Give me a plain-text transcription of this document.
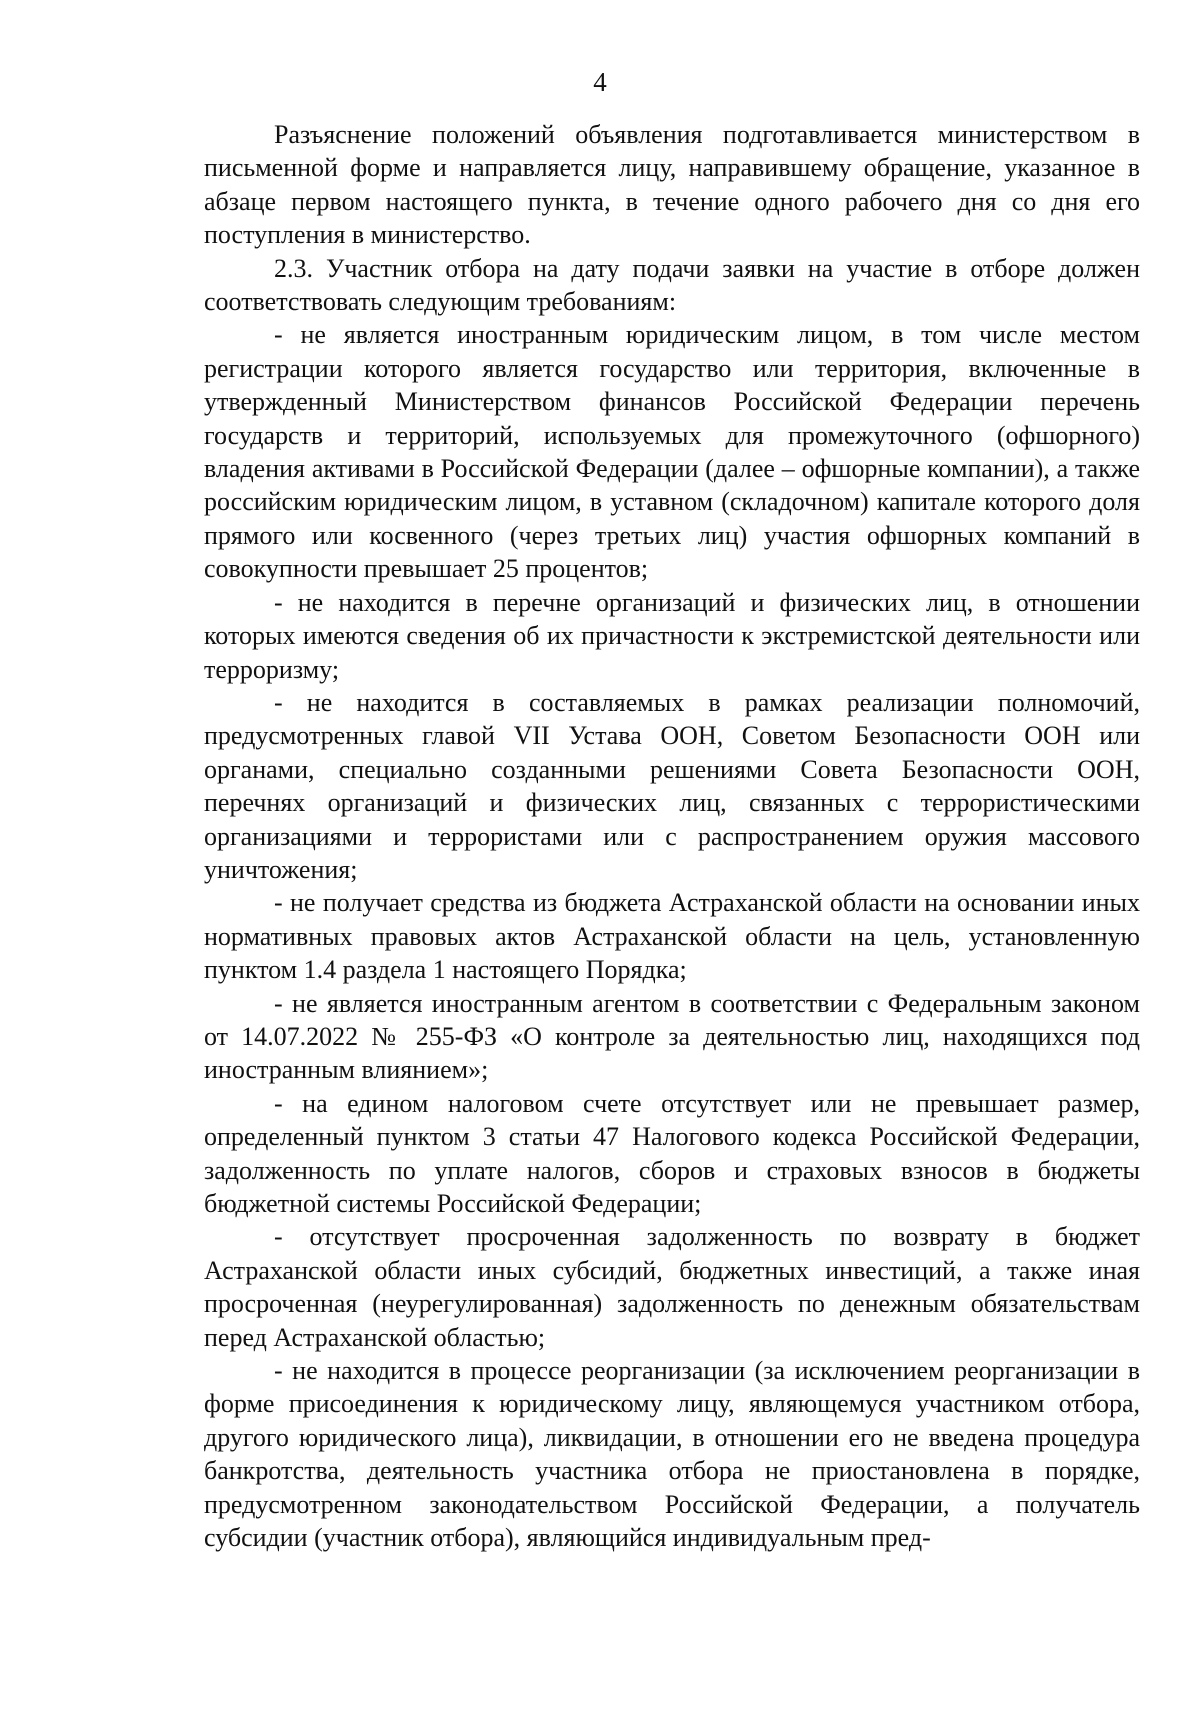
4

Разъяснение положений объявления подготавливается министерством в письменной форме и направляется лицу, направившему обращение, указанное в абзаце первом настоящего пункта, в течение одного рабочего дня со дня его поступления в министерство.

2.3. Участник отбора на дату подачи заявки на участие в отборе должен соответствовать следующим требованиям:

- не является иностранным юридическим лицом, в том числе местом регистрации которого является государство или территория, включенные в утвержденный Министерством финансов Российской Федерации перечень государств и территорий, используемых для промежуточного (офшорного) владения активами в Российской Федерации (далее – офшорные компании), а также российским юридическим лицом, в уставном (складочном) капитале которого доля прямого или косвенного (через третьих лиц) участия офшорных компаний в совокупности превышает 25 процентов;

- не находится в перечне организаций и физических лиц, в отношении которых имеются сведения об их причастности к экстремистской деятельности или терроризму;

- не находится в составляемых в рамках реализации полномочий, предусмотренных главой VII Устава ООН, Советом Безопасности ООН или органами, специально созданными решениями Совета Безопасности ООН, перечнях организаций и физических лиц, связанных с террористическими организациями и террористами или с распространением оружия массового уничтожения;

- не получает средства из бюджета Астраханской области на основании иных нормативных правовых актов Астраханской области на цель, установленную пунктом 1.4 раздела 1 настоящего Порядка;

- не является иностранным агентом в соответствии с Федеральным законом от 14.07.2022 № 255-ФЗ «О контроле за деятельностью лиц, находящихся под иностранным влиянием»;

- на едином налоговом счете отсутствует или не превышает размер, определенный пунктом 3 статьи 47 Налогового кодекса Российской Федерации, задолженность по уплате налогов, сборов и страховых взносов в бюджеты бюджетной системы Российской Федерации;

- отсутствует просроченная задолженность по возврату в бюджет Астраханской области иных субсидий, бюджетных инвестиций, а также иная просроченная (неурегулированная) задолженность по денежным обязательствам перед Астраханской областью;

- не находится в процессе реорганизации (за исключением реорганизации в форме присоединения к юридическому лицу, являющемуся участником отбора, другого юридического лица), ликвидации, в отношении его не введена процедура банкротства, деятельность участника отбора не приостановлена в порядке, предусмотренном законодательством Российской Федерации, а получатель субсидии (участник отбора), являющийся индивидуальным пред-
